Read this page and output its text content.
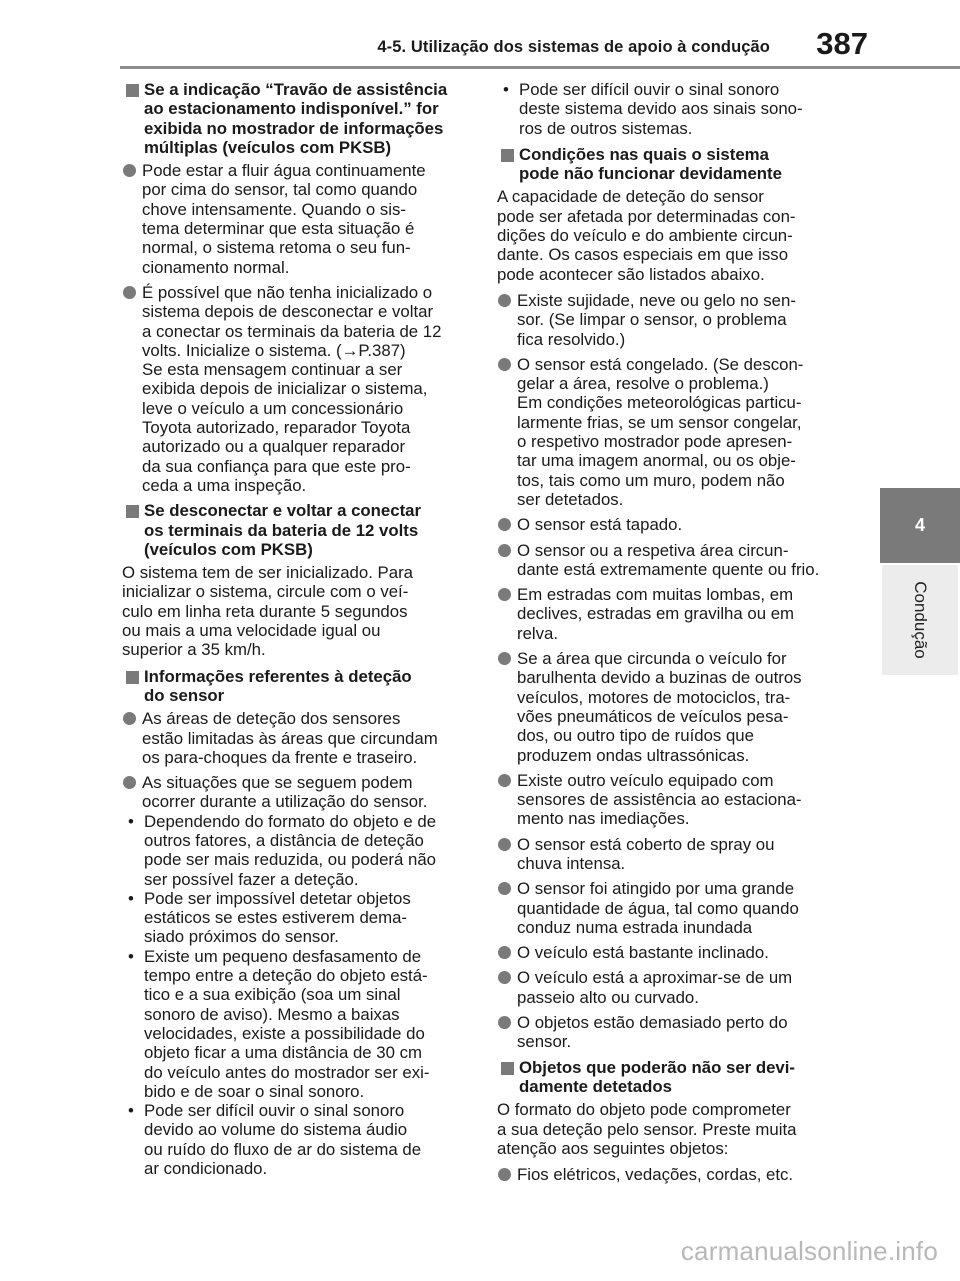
4-5. Utilização dos sistemas de apoio à condução 387
4
Condução
Se a indicação “Travão de assistência
ao estacionamento indisponível.” for
exibida no mostrador de informações
múltiplas (veículos com PKSB)
Pode estar a fluir água continuamente
por cima do sensor, tal como quando
chove intensamente. Quando o sis-
tema determinar que esta situação é
normal, o sistema retoma o seu fun-
cionamento normal.
É possível que não tenha inicializado o
sistema depois de desconectar e voltar
a conectar os terminais da bateria de 12
volts. Inicialize o sistema. (→P.387)
Se esta mensagem continuar a ser
exibida depois de inicializar o sistema,
leve o veículo a um concessionário
Toyota autorizado, reparador Toyota
autorizado ou a qualquer reparador
da sua confiança para que este pro-
ceda a uma inspeção.
Se desconectar e voltar a conectar
os terminais da bateria de 12 volts
(veículos com PKSB)
O sistema tem de ser inicializado. Para
inicializar o sistema, circule com o veí-
culo em linha reta durante 5 segundos
ou mais a uma velocidade igual ou
superior a 35 km/h.
Informações referentes à deteção
do sensor
As áreas de deteção dos sensores
estão limitadas às áreas que circundam
os para-choques da frente e traseiro.
As situações que se seguem podem
ocorrer durante a utilização do sensor.
• Dependendo do formato do objeto e de
outros fatores, a distância de deteção
pode ser mais reduzida, ou poderá não
ser possível fazer a deteção.
• Pode ser impossível detetar objetos
estáticos se estes estiverem dema-
siado próximos do sensor.
• Existe um pequeno desfasamento de
tempo entre a deteção do objeto está-
tico e a sua exibição (soa um sinal
sonoro de aviso). Mesmo a baixas
velocidades, existe a possibilidade do
objeto ficar a uma distância de 30 cm
do veículo antes do mostrador ser exi-
bido e de soar o sinal sonoro.
• Pode ser difícil ouvir o sinal sonoro
devido ao volume do sistema áudio
ou ruído do fluxo de ar do sistema de
ar condicionado.
• Pode ser difícil ouvir o sinal sonoro
deste sistema devido aos sinais sono-
ros de outros sistemas.
Condições nas quais o sistema
pode não funcionar devidamente
A capacidade de deteção do sensor
pode ser afetada por determinadas con-
dições do veículo e do ambiente circun-
dante. Os casos especiais em que isso
pode acontecer são listados abaixo.
Existe sujidade, neve ou gelo no sen-
sor. (Se limpar o sensor, o problema
fica resolvido.)
O sensor está congelado. (Se descon-
gelar a área, resolve o problema.)
Em condições meteorológicas particu-
larmente frias, se um sensor congelar,
o respetivo mostrador pode apresen-
tar uma imagem anormal, ou os obje-
tos, tais como um muro, podem não
ser detetados.
O sensor está tapado.
O sensor ou a respetiva área circun-
dante está extremamente quente ou frio.
Em estradas com muitas lombas, em
declives, estradas em gravilha ou em
relva.
Se a área que circunda o veículo for
barulhenta devido a buzinas de outros
veículos, motores de motociclos, tra-
vões pneumáticos de veículos pesa-
dos, ou outro tipo de ruídos que
produzem ondas ultrassónicas.
Existe outro veículo equipado com
sensores de assistência ao estaciona-
mento nas imediações.
O sensor está coberto de spray ou
chuva intensa.
O sensor foi atingido por uma grande
quantidade de água, tal como quando
conduz numa estrada inundada
O veículo está bastante inclinado.
O veículo está a aproximar-se de um
passeio alto ou curvado.
O objetos estão demasiado perto do
sensor.
Objetos que poderão não ser devi-
damente detetados
O formato do objeto pode comprometer
a sua deteção pelo sensor. Preste muita
atenção aos seguintes objetos:
Fios elétricos, vedações, cordas, etc.
carmanualsonline.info
